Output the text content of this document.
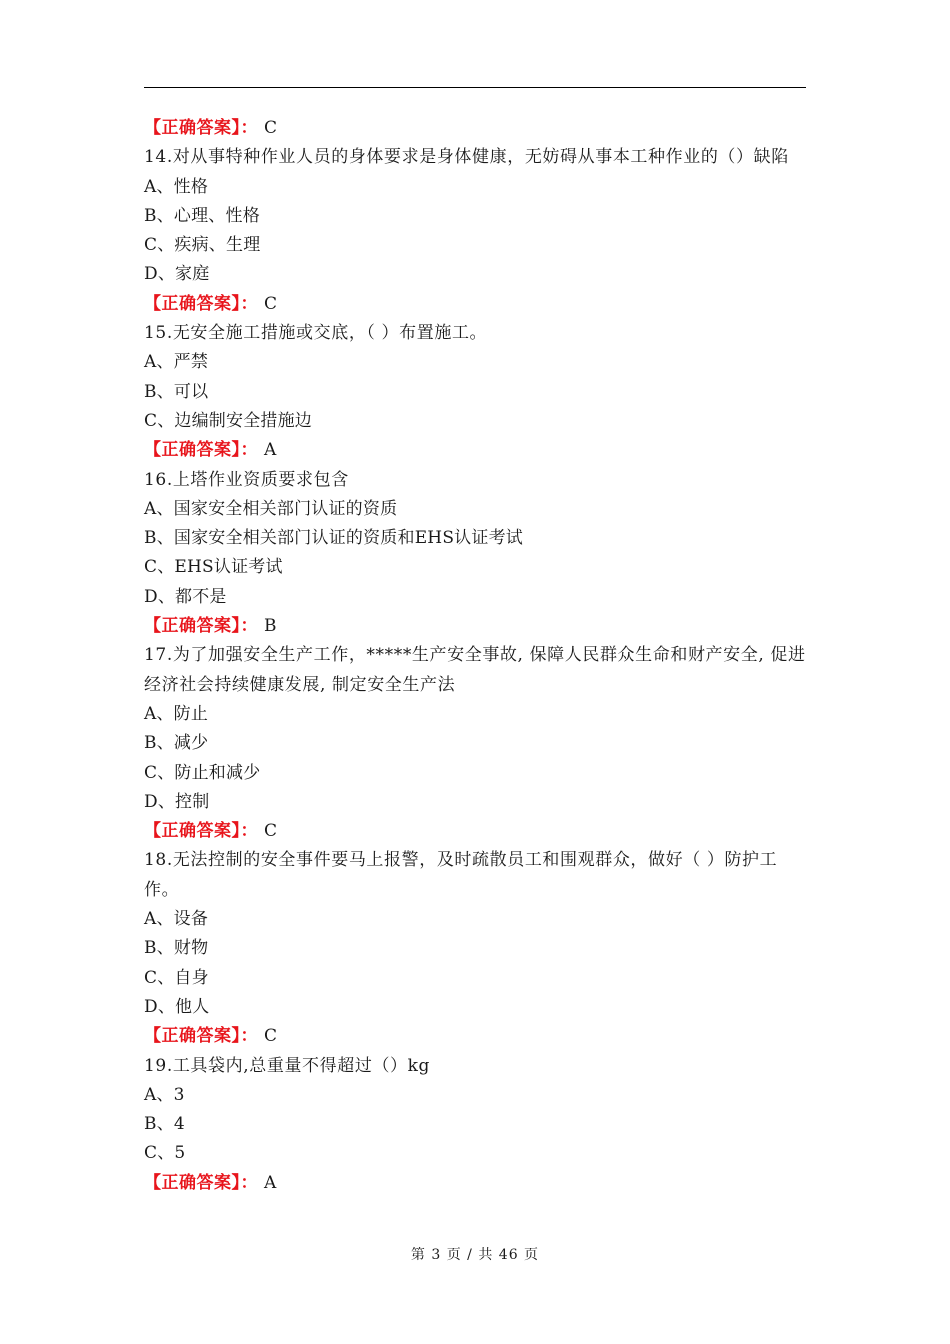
【正确答案】： C
14.对从事特种作业人员的身体要求是身体健康，无妨碍从事本工种作业的（）缺陷
A、性格
B、心理、性格
C、疾病、生理
D、家庭
【正确答案】： C
15.无安全施工措施或交底，（ ）布置施工。
A、严禁
B、可以
C、边编制安全措施边
【正确答案】： A
16.上塔作业资质要求包含
A、国家安全相关部门认证的资质
B、国家安全相关部门认证的资质和EHS认证考试
C、EHS认证考试
D、都不是
【正确答案】： B
17.为了加强安全生产工作，*****生产安全事故, 保障人民群众生命和财产安全, 促进经济社会持续健康发展, 制定安全生产法
A、防止
B、减少
C、防止和减少
D、控制
【正确答案】： C
18.无法控制的安全事件要马上报警，及时疏散员工和围观群众，做好（ ）防护工作。
A、设备
B、财物
C、自身
D、他人
【正确答案】： C
19.工具袋内,总重量不得超过（）kg
A、3
B、4
C、5
【正确答案】： A
第 3 页 / 共 46 页
